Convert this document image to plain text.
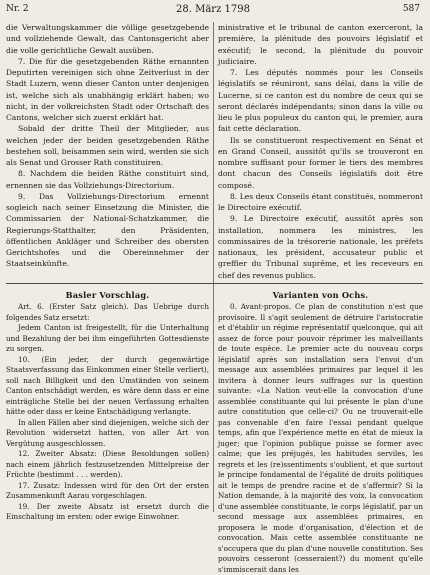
Nr. 2	28. März 1798	587

die Verwaltungskammer die völlige gesetzgebende und vollziehende Gewalt, das Cantonsgericht aber die volle gerichtliche Gewalt ausüben.

7. Die für die gesetzgebenden Räthe ernannten Deputirten vereinigen sich ohne Zeitverlust in der Stadt Luzern, wenn dieser Canton unter denjenigen ist, welche sich als unabhängig erklärt haben; wo nicht, in der volkreichsten Stadt oder Ortschaft des Cantons, welcher sich zuerst erklärt hat.

Sobald der dritte Theil der Mitglieder, aus welchen jeder der beiden gesetzgebenden Räthe bestehen soll, beisammen sein wird, werden sie sich als Senat und Grosser Rath constituiren.

8. Nachdem die beiden Räthe constituirt sind, ernennen sie das Vollziehungs-Directorium.

9. Das Vollziehungs-Directorium ernennt sogleich nach seiner Einsetzung die Minister, die Commissarien der National-Schatzkammer, die Regierungs-Statthalter, den Präsidenten, öffentlichen Ankläger und Schreiber des obersten Gerichtshofes und die Obereinnehmer der Staatseinkünfte.

ministrative et le tribunal de canton exerceront, la première, la plénitude des pouvoirs législatif et exécutif; le second, la plénitude du pouvoir judiciaire.

7. Les députés nommés pour les Conseils législatifs se réuniront, sans délai, dans la ville de Lucerne, si ce canton est du nombre de ceux qui se seront déclarés indépendants; sinon dans la ville ou lieu le plus populeux du canton qui, le premier, aura fait cette déclaration.

Ils se constitueront respectivement en Sénat et en Grand Conseil, aussitôt qu'ils se trouveront en nombre suffisant pour former le tiers des membres dont chacun des Conseils législatifs doit être composé.

8. Les deux Conseils étant constitués, nommeront le Directoire exécutif.

9. Le Directoire exécutif, aussitôt après son installation, nommera les ministres, les commissaires de la trésorerie nationale, les préfets nationaux, les président, accusateur public et greffier du Tribunal suprême, et les receveurs en chef des revenus publics.

Basler Vorschlag.	Varianten von Ochs.

Art. 6. (Erster Satz gleich). Das Uebrige durch folgendes Satz ersetzt:

Jedem Canton ist freigestellt, für die Unterhaltung und Bezahlung der bei ihm eingeführten Gottesdienste zu sorgen.

10. (Ein jeder, der durch gegenwärtige Staatsverfassung das Einkommen einer Stelle verliert), soll nach Billigkeit und den Umständen von seinem Canton entschädigt werden, es wäre denn dass er eine einträgliche Stelle bei der neuen Verfassung erhalten hätte oder dass er keine Entschädigung verlangte.

In allen Fällen aber sind diejenigen, welche sich der Revolution widersetzt hatten, von aller Art von Vergütung ausgeschlossen.

12. Zweiter Absatz: (Diese Besoldungen sollen) nach einem jährlich festzusetzenden Mittelpreise der Früchte (bestimmt . . . werden).

17. Zusatz: Indessen wird für den Ort der ersten Zusammenkunft Aarau vorgeschlagen.

19. Der zweite Absatz ist ersetzt durch die Einschaltung im ersten: oder ewige Einwohner.

0. Avant-propos. Ce plan de constitution n'est que provisoire. Il s'agit seulement de détruire l'aristocratie et d'établir un régime représentatif quelconque, qui ait assez de force pour pouvoir réprimer les malveillants de toute espèce. Le premier acte du nouveau corps législatif après son installation sera l'envoi d'un message aux assemblées primaires par lequel il les invitera à donner leurs suffrages sur la question suivante: «La Nation veut-elle la convocation d'une assemblée constituante qui lui présente le plan d'une autre constitution que celle-ci? Ou ne trouverait-elle pas convenable d'en faire l'essai pendant quelque temps, afin que l'expérience mette en état de mieux la juger; que l'opinion publique puisse se former avec calme; que les préjugés, les habitudes serviles, les regrets et les (re)ssentiments s'oublient, et que surtout le principe fondamental de l'égalité de droits politiques ait le temps de prendre racine et de s'affermir? Si la Nation demande, à la majorité des voix, la convocation d'une assemblée constituante, le corps législatif, par un second message aux assemblées primaires, en proposera le mode d'organisation, d'élection et de convocation. Mais cette assemblée constituante ne s'occupera que du plan d'une nouvelle constitution. Ses pouvoirs cesseront (cesseraient?) du moment qu'elle s'immiscerait dans les
